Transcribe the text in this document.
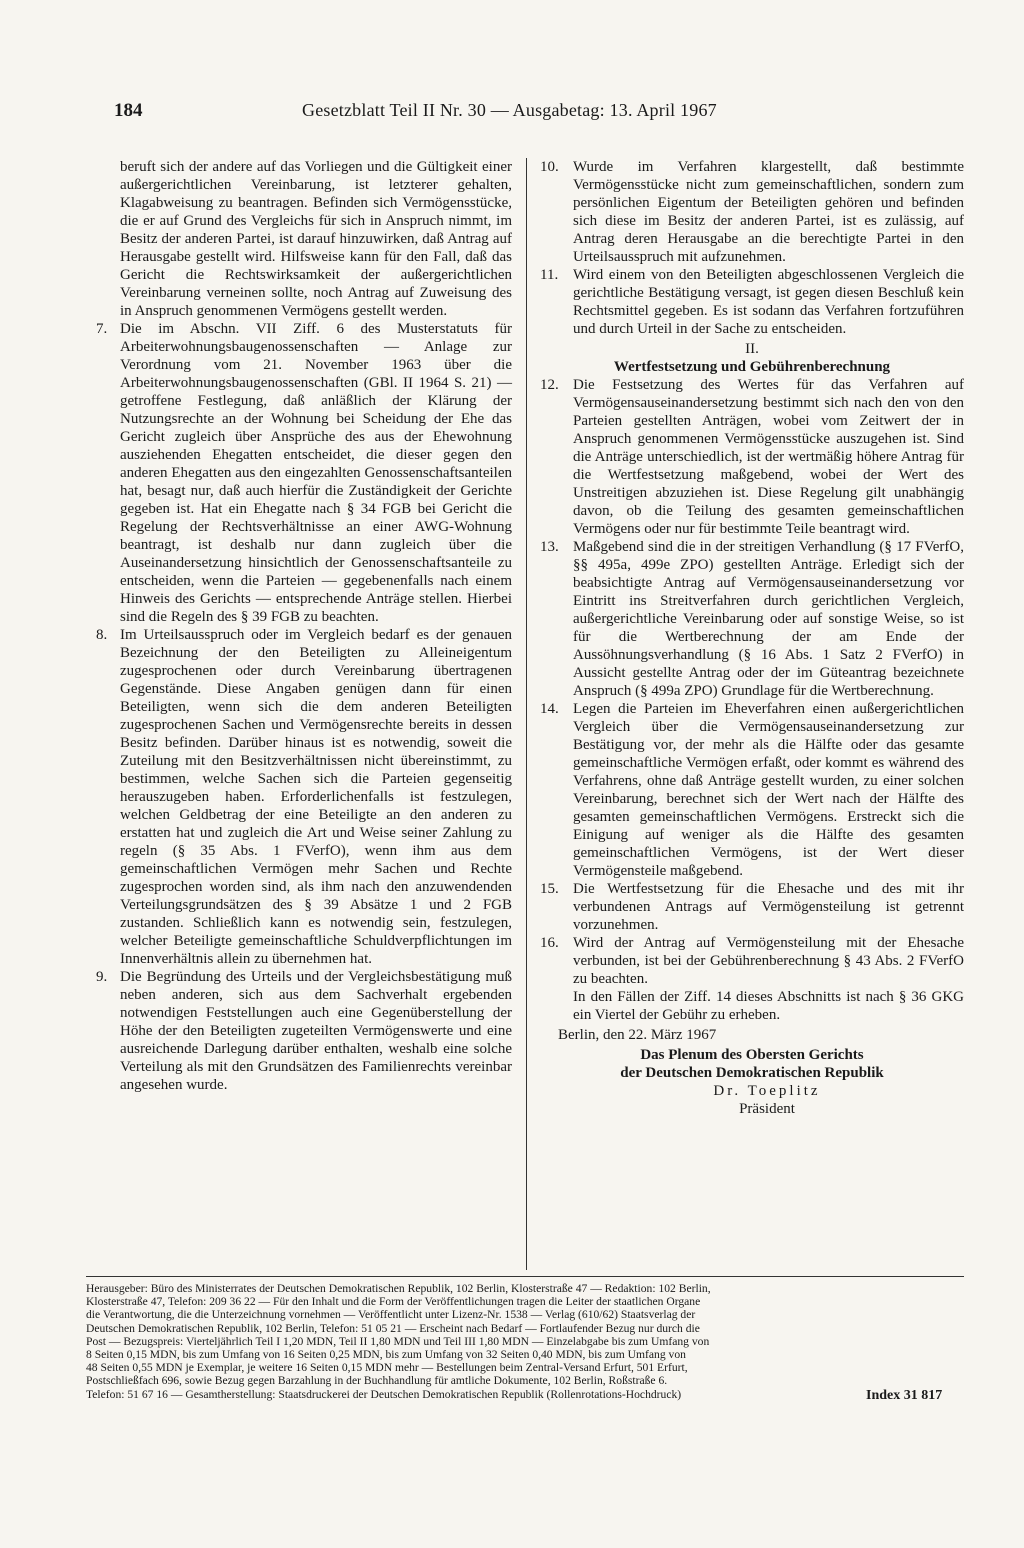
184	Gesetzblatt Teil II Nr. 30 — Ausgabetag: 13. April 1967
beruft sich der andere auf das Vorliegen und die Gültigkeit einer außergerichtlichen Vereinbarung, ist letzterer gehalten, Klagabweisung zu beantragen. Befinden sich Vermögensstücke, die er auf Grund des Vergleichs für sich in Anspruch nimmt, im Besitz der anderen Partei, ist darauf hinzuwirken, daß Antrag auf Herausgabe gestellt wird. Hilfsweise kann für den Fall, daß das Gericht die Rechtswirksamkeit der außergerichtlichen Vereinbarung verneinen sollte, noch Antrag auf Zuweisung des in Anspruch genommenen Vermögens gestellt werden.
7. Die im Abschn. VII Ziff. 6 des Musterstatuts für Arbeiterwohnungsbaugenossenschaften — Anlage zur Verordnung vom 21. November 1963 über die Arbeiterwohnungsbaugenossenschaften (GBl. II 1964 S. 21) — getroffene Festlegung, daß anläßlich der Klärung der Nutzungsrechte an der Wohnung bei Scheidung der Ehe das Gericht zugleich über Ansprüche des aus der Ehewohnung ausziehenden Ehegatten entscheidet, die dieser gegen den anderen Ehegatten aus den eingezahlten Genossenschaftsanteilen hat, besagt nur, daß auch hierfür die Zuständigkeit der Gerichte gegeben ist. Hat ein Ehegatte nach § 34 FGB bei Gericht die Regelung der Rechtsverhältnisse an einer AWG-Wohnung beantragt, ist deshalb nur dann zugleich über die Auseinandersetzung hinsichtlich der Genossenschaftsanteile zu entscheiden, wenn die Parteien — gegebenenfalls nach einem Hinweis des Gerichts — entsprechende Anträge stellen. Hierbei sind die Regeln des § 39 FGB zu beachten.
8. Im Urteilsausspruch oder im Vergleich bedarf es der genauen Bezeichnung der den Beteiligten zu Alleineigentum zugesprochenen oder durch Vereinbarung übertragenen Gegenstände. Diese Angaben genügen dann für einen Beteiligten, wenn sich die dem anderen Beteiligten zugesprochenen Sachen und Vermögensrechte bereits in dessen Besitz befinden. Darüber hinaus ist es notwendig, soweit die Zuteilung mit den Besitzverhältnissen nicht übereinstimmt, zu bestimmen, welche Sachen sich die Parteien gegenseitig herauszugeben haben. Erforderlichenfalls ist festzulegen, welchen Geldbetrag der eine Beteiligte an den anderen zu erstatten hat und zugleich die Art und Weise seiner Zahlung zu regeln (§ 35 Abs. 1 FVerfO), wenn ihm aus dem gemeinschaftlichen Vermögen mehr Sachen und Rechte zugesprochen worden sind, als ihm nach den anzuwendenden Verteilungsgrundsätzen des § 39 Absätze 1 und 2 FGB zustanden. Schließlich kann es notwendig sein, festzulegen, welcher Beteiligte gemeinschaftliche Schuldverpflichtungen im Innenverhältnis allein zu übernehmen hat.
9. Die Begründung des Urteils und der Vergleichsbestätigung muß neben anderen, sich aus dem Sachverhalt ergebenden notwendigen Feststellungen auch eine Gegenüberstellung der Höhe der den Beteiligten zugeteilten Vermögenswerte und eine ausreichende Darlegung darüber enthalten, weshalb eine solche Verteilung als mit den Grundsätzen des Familienrechts vereinbar angesehen wurde.
10. Wurde im Verfahren klargestellt, daß bestimmte Vermögensstücke nicht zum gemeinschaftlichen, sondern zum persönlichen Eigentum der Beteiligten gehören und befinden sich diese im Besitz der anderen Partei, ist es zulässig, auf Antrag deren Herausgabe an die berechtigte Partei in den Urteilsausspruch mit aufzunehmen.
11. Wird einem von den Beteiligten abgeschlossenen Vergleich die gerichtliche Bestätigung versagt, ist gegen diesen Beschluß kein Rechtsmittel gegeben. Es ist sodann das Verfahren fortzuführen und durch Urteil in der Sache zu entscheiden.
II.
Wertfestsetzung und Gebührenberechnung
12. Die Festsetzung des Wertes für das Verfahren auf Vermögensauseinandersetzung bestimmt sich nach den von den Parteien gestellten Anträgen, wobei vom Zeitwert der in Anspruch genommenen Vermögensstücke auszugehen ist. Sind die Anträge unterschiedlich, ist der wertmäßig höhere Antrag für die Wertfestsetzung maßgebend, wobei der Wert des Unstreitigen abzuziehen ist. Diese Regelung gilt unabhängig davon, ob die Teilung des gesamten gemeinschaftlichen Vermögens oder nur für bestimmte Teile beantragt wird.
13. Maßgebend sind die in der streitigen Verhandlung (§ 17 FVerfO, §§ 495a, 499e ZPO) gestellten Anträge. Erledigt sich der beabsichtigte Antrag auf Vermögensauseinandersetzung vor Eintritt ins Streitverfahren durch gerichtlichen Vergleich, außergerichtliche Vereinbarung oder auf sonstige Weise, so ist für die Wertberechnung der am Ende der Aussöhnungsverhandlung (§ 16 Abs. 1 Satz 2 FVerfO) in Aussicht gestellte Antrag oder der im Güteantrag bezeichnete Anspruch (§ 499a ZPO) Grundlage für die Wertberechnung.
14. Legen die Parteien im Eheverfahren einen außergerichtlichen Vergleich über die Vermögensauseinandersetzung zur Bestätigung vor, der mehr als die Hälfte oder das gesamte gemeinschaftliche Vermögen erfaßt, oder kommt es während des Verfahrens, ohne daß Anträge gestellt wurden, zu einer solchen Vereinbarung, berechnet sich der Wert nach der Hälfte des gesamten gemeinschaftlichen Vermögens. Erstreckt sich die Einigung auf weniger als die Hälfte des gesamten gemeinschaftlichen Vermögens, ist der Wert dieser Vermögensteile maßgebend.
15. Die Wertfestsetzung für die Ehesache und des mit ihr verbundenen Antrags auf Vermögensteilung ist getrennt vorzunehmen.
16. Wird der Antrag auf Vermögensteilung mit der Ehesache verbunden, ist bei der Gebührenberechnung § 43 Abs. 2 FVerfO zu beachten.
In den Fällen der Ziff. 14 dieses Abschnitts ist nach § 36 GKG ein Viertel der Gebühr zu erheben.
Berlin, den 22. März 1967
Das Plenum des Obersten Gerichts
der Deutschen Demokratischen Republik
Dr. Toeplitz
Präsident
Herausgeber: Büro des Ministerrates der Deutschen Demokratischen Republik, 102 Berlin, Klosterstraße 47 — Redaktion: 102 Berlin,
Klosterstraße 47, Telefon: 209 36 22 — Für den Inhalt und die Form der Veröffentlichungen tragen die Leiter der staatlichen Organe
die Verantwortung, die die Unterzeichnung vornehmen — Veröffentlicht unter Lizenz-Nr. 1538 — Verlag (610/62) Staatsverlag der
Deutschen Demokratischen Republik, 102 Berlin, Telefon: 51 05 21 — Erscheint nach Bedarf — Fortlaufender Bezug nur durch die
Post — Bezugspreis: Vierteljährlich Teil I 1,20 MDN, Teil II 1,80 MDN und Teil III 1,80 MDN — Einzelabgabe bis zum Umfang von
8 Seiten 0,15 MDN, bis zum Umfang von 16 Seiten 0,25 MDN, bis zum Umfang von 32 Seiten 0,40 MDN, bis zum Umfang von
48 Seiten 0,55 MDN je Exemplar, je weitere 16 Seiten 0,15 MDN mehr — Bestellungen beim Zentral-Versand Erfurt, 501 Erfurt,
Postschließfach 696, sowie Bezug gegen Barzahlung in der Buchhandlung für amtliche Dokumente, 102 Berlin, Roßstraße 6.
Telefon: 51 67 16 — Gesamtherstellung: Staatsdruckerei der Deutschen Demokratischen Republik (Rollenrotations-Hochdruck)	Index 31 817
